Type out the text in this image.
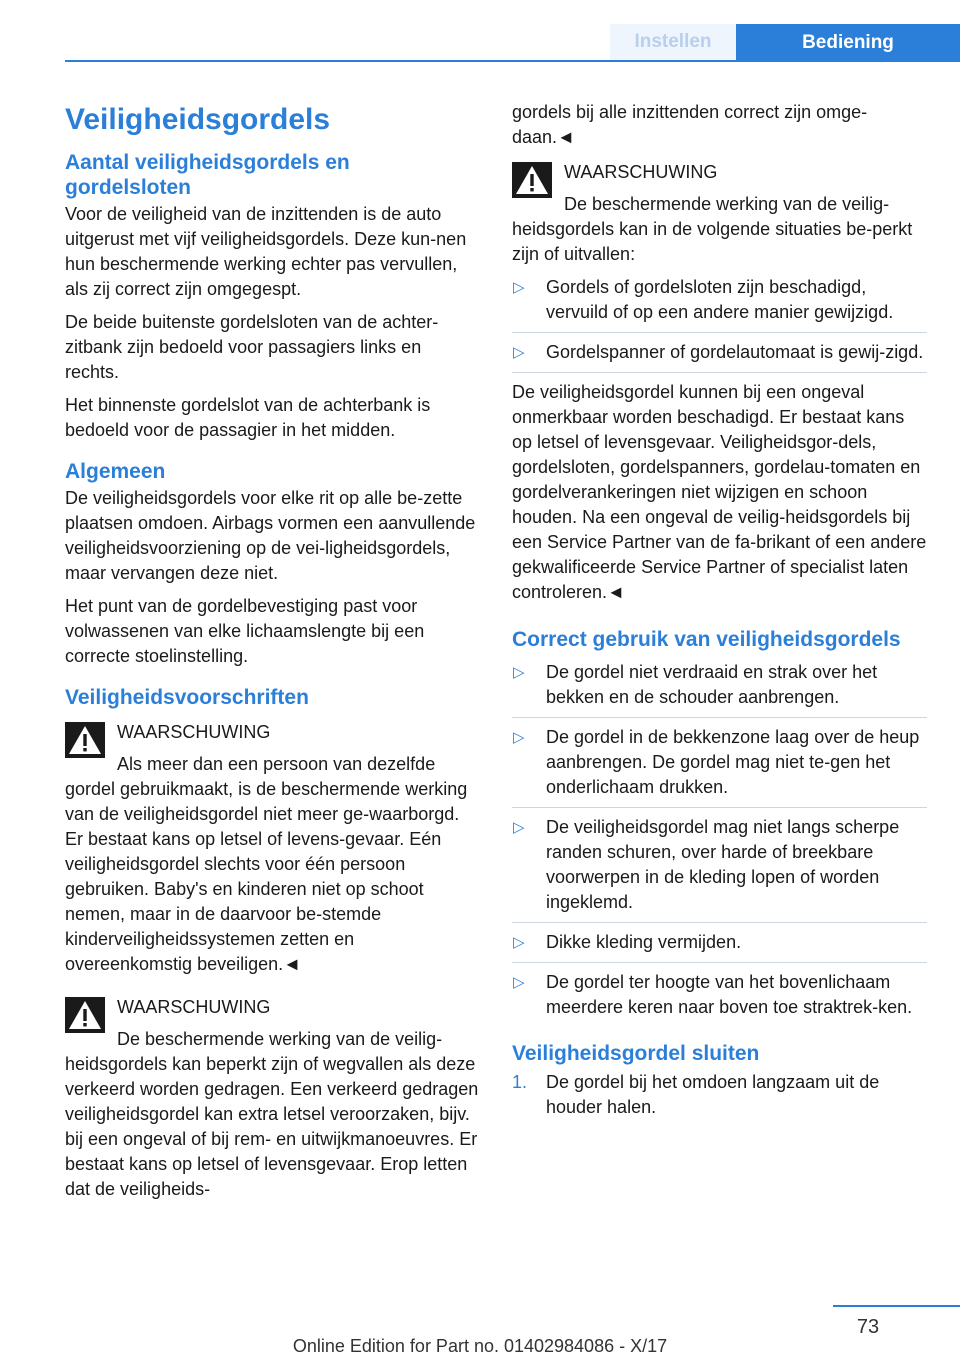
Instellen	Bediening
Veiligheidsgordels
Aantal veiligheidsgordels en gordelsloten

Voor de veiligheid van de inzittenden is de auto uitgerust met vijf veiligheidsgordels. Deze kun-nen hun beschermende werking echter pas vervullen, als zij correct zijn omgegespt.

De beide buitenste gordelsloten van de achter-zitbank zijn bedoeld voor passagiers links en rechts.

Het binnenste gordelslot van de achterbank is bedoeld voor de passagier in het midden.

Algemeen

De veiligheidsgordels voor elke rit op alle be-zette plaatsen omdoen. Airbags vormen een aanvullende veiligheidsvoorziening op de vei-ligheidsgordels, maar vervangen deze niet.

Het punt van de gordelbevestiging past voor volwassenen van elke lichaamslengte bij een correcte stoelinstelling.

Veiligheidsvoorschriften
WAARSCHUWING
Als meer dan een persoon van dezelfde gordel gebruikmaakt, is de beschermende werking van de veiligheidsgordel niet meer ge-waarborgd. Er bestaat kans op letsel of levens-gevaar. Eén veiligheidsgordel slechts voor één persoon gebruiken. Baby's en kinderen niet op schoot nemen, maar in de daarvoor be-stemde kinderveiligheidssystemen zetten en overeenkomstig beveiligen.◄
WAARSCHUWING
De beschermende werking van de veilig-heidsgordels kan beperkt zijn of wegvallen als deze verkeerd worden gedragen. Een verkeerd gedragen veiligheidsgordel kan extra letsel veroorzaken, bijv. bij een ongeval of bij rem- en uitwijkmanoeuvres. Er bestaat kans op letsel of levensgevaar. Erop letten dat de veiligheids-

gordels bij alle inzittenden correct zijn omge-daan.◄

WAARSCHUWING
De beschermende werking van de veilig-heidsgordels kan in de volgende situaties be-perkt zijn of uitvallen:
▷ Gordels of gordelsloten zijn beschadigd, vervuild of op een andere manier gewijzigd.
▷ Gordelspanner of gordelautomaat is gewij-zigd.

De veiligheidsgordel kunnen bij een ongeval onmerkbaar worden beschadigd. Er bestaat kans op letsel of levensgevaar. Veiligheidsgor-dels, gordelsloten, gordelspanners, gordelau-tomaten en gordelverankeringen niet wijzigen en schoon houden. Na een ongeval de veilig-heidsgordels bij een Service Partner van de fa-brikant of een andere gekwalificeerde Service Partner of specialist laten controleren.◄

Correct gebruik van veiligheidsgordels
▷ De gordel niet verdraaid en strak over het bekken en de schouder aanbrengen.
▷ De gordel in de bekkenzone laag over de heup aanbrengen. De gordel mag niet te-gen het onderlichaam drukken.
▷ De veiligheidsgordel mag niet langs scherpe randen schuren, over harde of breekbare voorwerpen in de kleding lopen of worden ingeklemd.
▷ Dikke kleding vermijden.
▷ De gordel ter hoogte van het bovenlichaam meerdere keren naar boven toe straktrek-ken.
Veiligheidsgordel sluiten
1. De gordel bij het omdoen langzaam uit de houder halen.
73
Online Edition for Part no. 01402984086 - X/17
